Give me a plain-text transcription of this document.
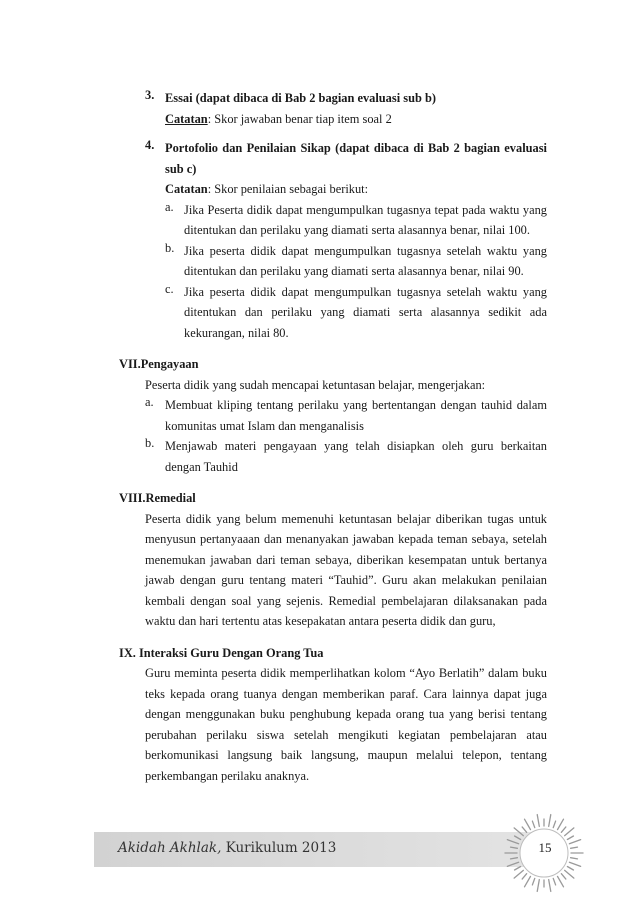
3. Essai (dapat dibaca di Bab 2 bagian evaluasi sub b)

Catatan: Skor jawaban benar tiap item soal 2

4. Portofolio dan Penilaian Sikap (dapat dibaca di Bab 2 bagian evaluasi sub c)

Catatan: Skor penilaian sebagai berikut:

a. Jika Peserta didik dapat mengumpulkan tugasnya tepat pada waktu yang ditentukan dan perilaku yang diamati serta alasannya benar, nilai 100.

b. Jika peserta didik dapat mengumpulkan tugasnya setelah waktu yang ditentukan dan perilaku yang diamati serta alasannya benar, nilai 90.

c. Jika peserta didik dapat mengumpulkan tugasnya setelah waktu yang ditentukan dan perilaku yang diamati serta alasannya sedikit ada kekurangan, nilai 80.

VII.Pengayaan

Peserta didik yang sudah mencapai ketuntasan belajar, mengerjakan:

a. Membuat kliping tentang perilaku yang bertentangan dengan tauhid dalam komunitas umat Islam dan menganalisis

b. Menjawab materi pengayaan yang telah disiapkan oleh guru berkaitan dengan Tauhid

VIII.Remedial

Peserta didik yang belum memenuhi ketuntasan belajar diberikan tugas untuk menyusun pertanyaaan dan menanyakan jawaban kepada teman sebaya, setelah menemukan jawaban dari teman sebaya, diberikan kesempatan untuk bertanya jawab dengan guru tentang materi “Tauhid”. Guru akan melakukan penilaian kembali dengan soal yang sejenis. Remedial pembelajaran dilaksanakan pada waktu dan hari tertentu atas kesepakatan antara peserta didik dan guru,

IX. Interaksi Guru Dengan Orang Tua

Guru meminta peserta didik memperlihatkan kolom “Ayo Berlatih” dalam buku teks kepada orang tuanya dengan memberikan paraf. Cara lainnya dapat juga dengan menggunakan buku penghubung kepada orang tua yang berisi tentang perubahan perilaku siswa setelah mengikuti kegiatan pembelajaran atau berkomunikasi langsung baik langsung, maupun melalui telepon, tentang perkembangan perilaku anaknya.

Akidah Akhlak, Kurikulum 2013	15
